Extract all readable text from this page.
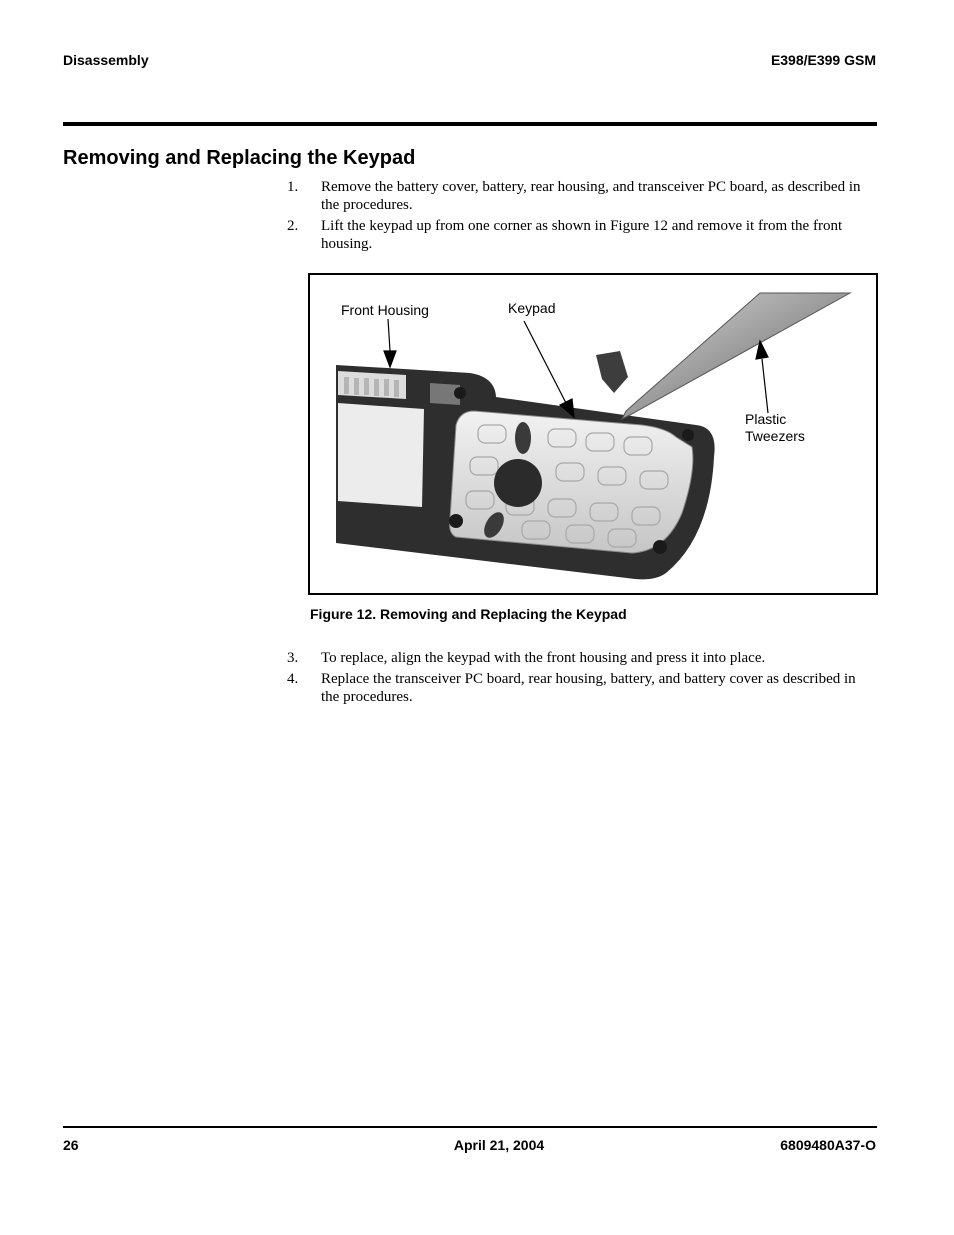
Disassembly	E398/E399 GSM
Removing and Replacing the Keypad
1. Remove the battery cover, battery, rear housing, and transceiver PC board, as described in the procedures.
2. Lift the keypad up from one corner as shown in Figure 12 and remove it from the front housing.
Front Housing	Keypad
Plastic
Tweezers
Figure 12. Removing and Replacing the Keypad
3. To replace, align the keypad with the front housing and press it into place.
4. Replace the transceiver PC board, rear housing, battery, and battery cover as described in the procedures.
26	April 21, 2004	6809480A37-O
